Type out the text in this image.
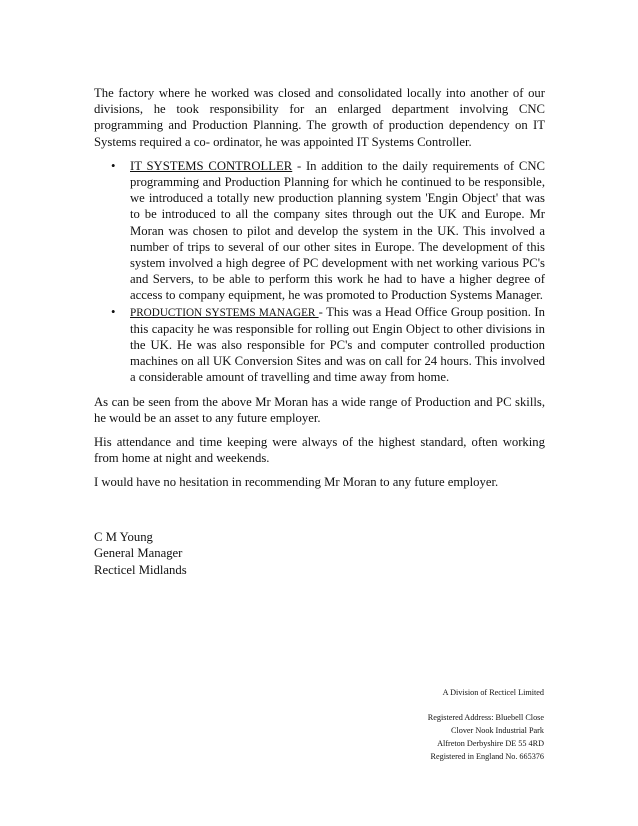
The factory where he worked was closed and consolidated locally into another of our divisions, he took responsibility for an enlarged department involving CNC programming and Production Planning. The growth of production dependency on IT Systems required a co- ordinator, he was appointed IT Systems Controller.

• IT SYSTEMS CONTROLLER - In addition to the daily requirements of CNC programming and Production Planning for which he continued to be responsible, we introduced a totally new production planning system 'Engin Object' that was to be introduced to all the company sites through out the UK and Europe. Mr Moran was chosen to pilot and develop the system in the UK. This involved a number of trips to several of our other sites in Europe. The development of this system involved a high degree of PC development with net working various PC's and Servers, to be able to perform this work he had to have a higher degree of access to company equipment, he was promoted to Production Systems Manager.
• PRODUCTION SYSTEMS MANAGER - This was a Head Office Group position. In this capacity he was responsible for rolling out Engin Object to other divisions in the UK. He was also responsible for PC's and computer controlled production machines on all UK Conversion Sites and was on call for 24 hours. This involved a considerable amount of travelling and time away from home.

As can be seen from the above Mr Moran has a wide range of Production and PC skills, he would be an asset to any future employer.

His attendance and time keeping were always of the highest standard, often working from home at night and weekends.

I would have no hesitation in recommending Mr Moran to any future employer.

C M Young
General Manager
Recticel Midlands
A Division of Recticel Limited
Registered Address: Bluebell Close
Clover Nook Industrial Park
Alfreton Derbyshire DE 55 4RD
Registered in England No. 665376
